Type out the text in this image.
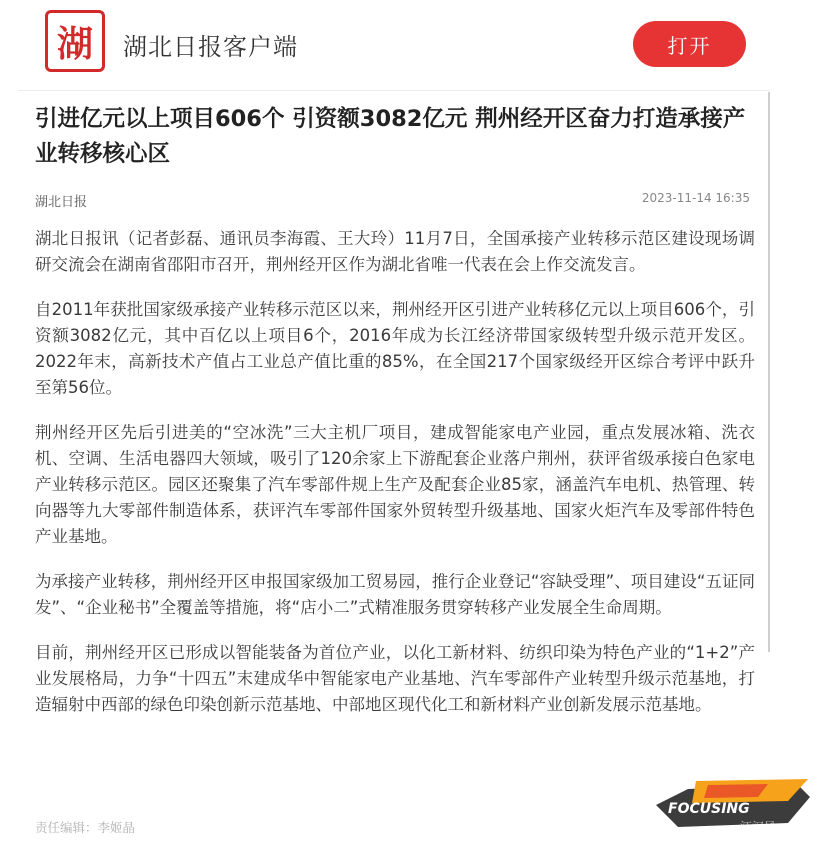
湖 湖北日报客户端	打开
引进亿元以上项目606个 引资额3082亿元 荆州经开区奋力打造承接产业转移核心区
湖北日报	2023-11-14 16:35

湖北日报讯（记者彭磊、通讯员李海霞、王大玲）11月7日，全国承接产业转移示范区建设现场调研交流会在湖南省邵阳市召开，荆州经开区作为湖北省唯一代表在会上作交流发言。

自2011年获批国家级承接产业转移示范区以来，荆州经开区引进产业转移亿元以上项目606个，引资额3082亿元，其中百亿以上项目6个，2016年成为长江经济带国家级转型升级示范开发区。2022年末，高新技术产值占工业总产值比重的85%，在全国217个国家级经开区综合考评中跃升至第56位。

荆州经开区先后引进美的“空冰洗”三大主机厂项目，建成智能家电产业园，重点发展冰箱、洗衣机、空调、生活电器四大领域，吸引了120余家上下游配套企业落户荆州，获评省级承接白色家电产业转移示范区。园区还聚集了汽车零部件规上生产及配套企业85家，涵盖汽车电机、热管理、转向器等九大零部件制造体系，获评汽车零部件国家外贸转型升级基地、国家火炬汽车及零部件特色产业基地。

为承接产业转移，荆州经开区申报国家级加工贸易园，推行企业登记“容缺受理”、项目建设“五证同发”、“企业秘书”全覆盖等措施，将“店小二”式精准服务贯穿转移产业发展全生命周期。

目前，荆州经开区已形成以智能装备为首位产业，以化工新材料、纺织印染为特色产业的“1+2”产业发展格局，力争“十四五”末建成华中智能家电产业基地、汽车零部件产业转型升级示范基地，打造辐射中西部的绿色印染创新示范基地、中部地区现代化工和新材料产业创新发展示范基地。

责任编辑：李姬晶
FOCUSING
江汉风
